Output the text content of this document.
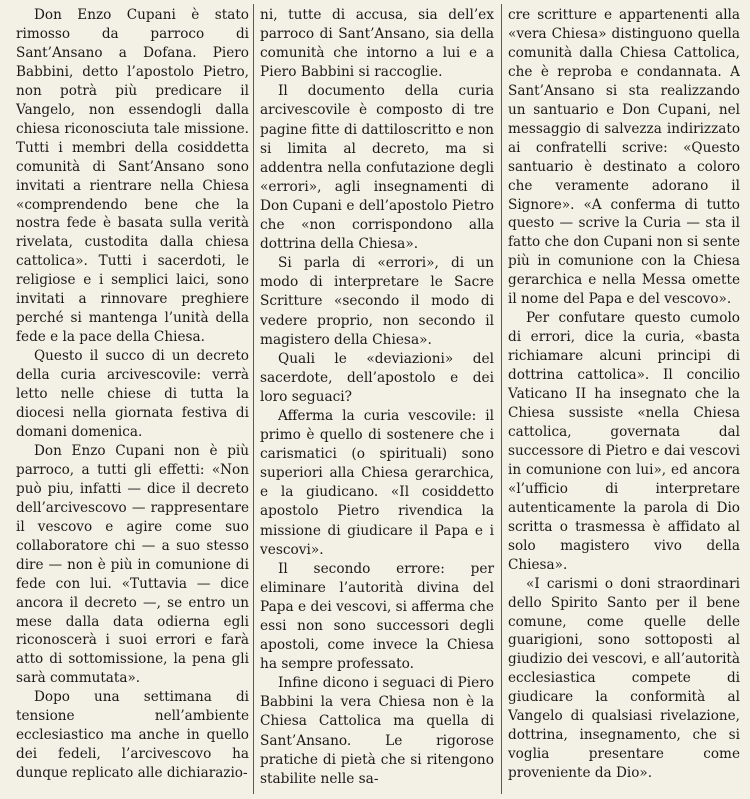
Don Enzo Cupani è stato rimosso da parroco di Sant’Ansano a Dofana. Piero Babbini, detto l’apostolo Pietro, non potrà più predicare il Vangelo, non essendogli dalla chiesa riconosciuta tale missione. Tutti i membri della cosiddetta comunità di Sant’Ansano sono invitati a rientrare nella Chiesa «comprendendo bene che la nostra fede è basata sulla verità rivelata, custodita dalla chiesa cattolica». Tutti i sacerdoti, le religiose e i semplici laici, sono invitati a rinnovare preghiere perché si mantenga l’unità della fede e la pace della Chiesa.

Questo il succo di un decreto della curia arcivescovile: verrà letto nelle chiese di tutta la diocesi nella giornata festiva di domani domenica.

Don Enzo Cupani non è più parroco, a tutti gli effetti: «Non può piu, infatti — dice il decreto dell’arcivescovo — rappresentare il vescovo e agire come suo collaboratore chi — a suo stesso dire — non è più in comunione di fede con lui. «Tuttavia — dice ancora il decreto —, se entro un mese dalla data odierna egli riconoscerà i suoi errori e farà atto di sottomissione, la pena gli sarà commutata».

Dopo una settimana di tensione nell’ambiente ecclesiastico ma anche in quello dei fedeli, l’arcivescovo ha dunque replicato alle dichiarazio-

ni, tutte di accusa, sia dell’ex parroco di Sant’Ansano, sia della comunità che intorno a lui e a Piero Babbini si raccoglie.

Il documento della curia arcivescovile è composto di tre pagine fitte di dattiloscritto e non si limita al decreto, ma si addentra nella confutazione degli «errori», agli insegnamenti di Don Cupani e dell’apostolo Pietro che «non corrispondono alla dottrina della Chiesa».

Si parla di «errori», di un modo di interpretare le Sacre Scritture «secondo il modo di vedere proprio, non secondo il magistero della Chiesa».

Quali le «deviazioni» del sacerdote, dell’apostolo e dei loro seguaci?

Afferma la curia vescovile: il primo è quello di sostenere che i carismatici (o spirituali) sono superiori alla Chiesa gerarchica, e la giudicano. «Il cosiddetto apostolo Pietro rivendica la missione di giudicare il Papa e i vescovi».

Il secondo errore: per eliminare l’autorità divina del Papa e dei vescovi, si afferma che essi non sono successori degli apostoli, come invece la Chiesa ha sempre professato.

Infine dicono i seguaci di Piero Babbini la vera Chiesa non è la Chiesa Cattolica ma quella di Sant’Ansano. Le rigorose pratiche di pietà che si ritengono stabilite nelle sa-

cre scritture e appartenenti alla «vera Chiesa» distinguono quella comunità dalla Chiesa Cattolica, che è reproba e condannata. A Sant’Ansano si sta realizzando un santuario e Don Cupani, nel messaggio di salvezza indirizzato ai confratelli scrive: «Questo santuario è destinato a coloro che veramente adorano il Signore». «A conferma di tutto questo — scrive la Curia — sta il fatto che don Cupani non si sente più in comunione con la Chiesa gerarchica e nella Messa omette il nome del Papa e del vescovo».

Per confutare questo cumolo di errori, dice la curia, «basta richiamare alcuni principi di dottrina cattolica». Il concilio Vaticano II ha insegnato che la Chiesa sussiste «nella Chiesa cattolica, governata dal successore di Pietro e dai vescovi in comunione con lui», ed ancora «l’ufficio di interpretare autenticamente la parola di Dio scritta o trasmessa è affidato al solo magistero vivo della Chiesa».

«I carismi o doni straordinari dello Spirito Santo per il bene comune, come quelle delle guarigioni, sono sottoposti al giudizio dei vescovi, e all’autorità ecclesiastica compete di giudicare la conformità al Vangelo di qualsiasi rivelazione, dottrina, insegnamento, che si voglia presentare come proveniente da Dio».
